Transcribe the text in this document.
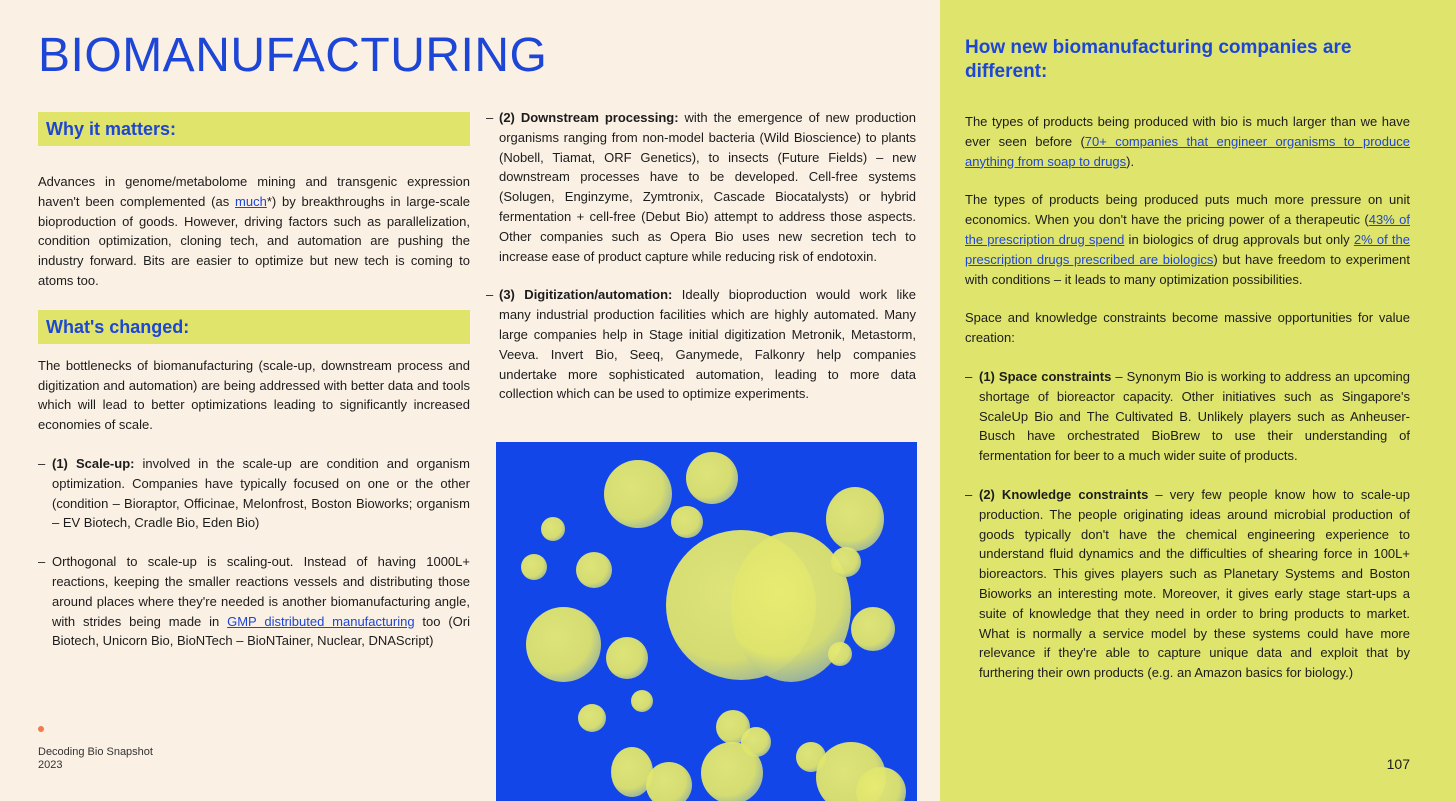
BIOMANUFACTURING
Why it matters:

Advances in genome/metabolome mining and transgenic expression haven't been complemented (as much*) by breakthroughs in large-scale bioproduction of goods. However, driving factors such as parallelization, condition optimization, cloning tech, and automation are pushing the industry forward. Bits are easier to optimize but new tech is coming to atoms too.

What's changed:

The bottlenecks of biomanufacturing (scale-up, downstream process and digitization and automation) are being addressed with better data and tools which will lead to better optimizations leading to significantly increased economies of scale.

– (1) Scale-up: involved in the scale-up are condition and organism optimization. Companies have typically focused on one or the other (condition – Bioraptor, Officinae, Melonfrost, Boston Bioworks; organism – EV Biotech, Cradle Bio, Eden Bio)

– Orthogonal to scale-up is scaling-out. Instead of having 1000L+ reactions, keeping the smaller reactions vessels and distributing those around places where they're needed is another biomanufacturing angle, with strides being made in GMP distributed manufacturing too (Ori Biotech, Unicorn Bio, BioNTech – BioNTainer, Nuclear, DNAScript)

– (2) Downstream processing: with the emergence of new production organisms ranging from non-model bacteria (Wild Bioscience) to plants (Nobell, Tiamat, ORF Genetics), to insects (Future Fields) – new downstream processes have to be developed. Cell-free systems (Solugen, Enginzyme, Zymtronix, Cascade Biocatalysts) or hybrid fermentation + cell-free (Debut Bio) attempt to address those aspects. Other companies such as Opera Bio uses new secretion tech to increase ease of product capture while reducing risk of endotoxin.

– (3) Digitization/automation: Ideally bioproduction would work like many industrial production facilities which are highly automated. Many large companies help in Stage initial digitization Metronik, Metastorm, Veeva. Invert Bio, Seeq, Ganymede, Falkonry help companies undertake more sophisticated automation, leading to more data collection which can be used to optimize experiments.

How new biomanufacturing companies are different:

The types of products being produced with bio is much larger than we have ever seen before (70+ companies that engineer organisms to produce anything from soap to drugs).

The types of products being produced puts much more pressure on unit economics. When you don't have the pricing power of a therapeutic (43% of the prescription drug spend in biologics of drug approvals but only 2% of the prescription drugs prescribed are biologics) but have freedom to experiment with conditions – it leads to many optimization possibilities.

Space and knowledge constraints become massive opportunities for value creation:

– (1) Space constraints – Synonym Bio is working to address an upcoming shortage of bioreactor capacity. Other initiatives such as Singapore's ScaleUp Bio and The Cultivated B. Unlikely players such as Anheuser-Busch have orchestrated BioBrew to use their understanding of fermentation for beer to a much wider suite of products.

– (2) Knowledge constraints – very few people know how to scale-up production. The people originating ideas around microbial production of goods typically don't have the chemical engineering experience to understand fluid dynamics and the difficulties of shearing force in 100L+ bioreactors. This gives players such as Planetary Systems and Boston Bioworks an interesting mote. Moreover, it gives early stage start-ups a suite of knowledge that they need in order to bring products to market. What is normally a service model by these systems could have more relevance if they're able to capture unique data and exploit that by furthering their own products (e.g. an Amazon basics for biology.)

Decoding Bio Snapshot
2023	107
